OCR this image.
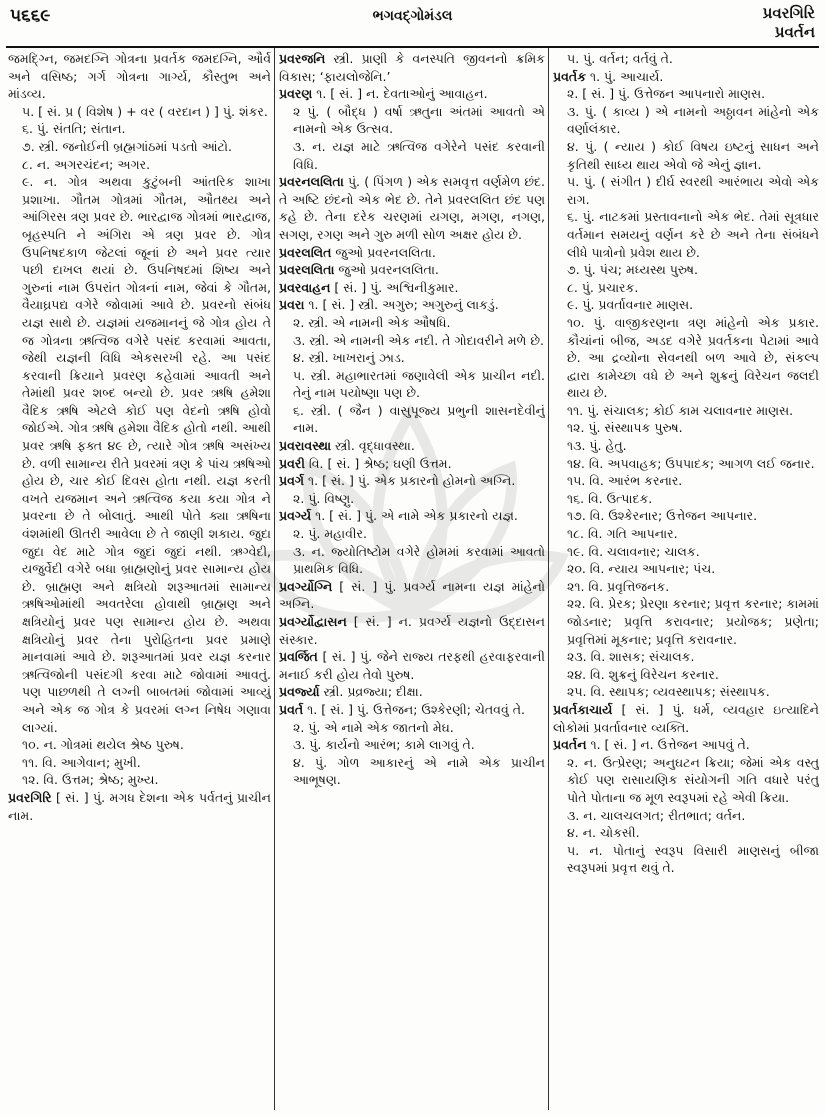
૫૬૬૯	ભગવદ્ગોમંડલ	પ્રવરગિરિ
પ્રવર્તન

જમદ્ગ્નિ, જમદગ્નિ ગોત્રના પ્રવર્તક જમદગ્નિ, ઔર્વ અને વસિષ્ઠ; ગર્ગ ગોત્રના ગાર્ગ્ય, કૌસ્તુભ અને માંડવ્ય.

૫. [ સં. પ્ર ( વિશેષ ) + વર ( વરદાન ) ] પું. શંકર.

૬. પું. સંતતિ; સંતાન.

૭. સ્ત્રી. જનોઈની બ્રહ્મગાંઠમાં પડતો આંટો.

૮. ન. અગરચંદન; અગર.

૯. ન. ગોત્ર અથવા કુટુંબની આંતરિક શાખા પ્રશાખા. ગૌતમ ગોત્રમાં ગૌતમ, ઔતથ્ય અને આંગિરસ ત્રણ પ્રવર છે. ભારદ્વાજ ગોત્રમાં ભારદ્વાજ, બૃહસ્પતિ ને અંગિરા એ ત્રણ પ્રવર છે. ગોત્ર ઉપનિષદકાળ જેટલાં જૂનાં છે અને પ્રવર ત્યાર પછી દાખલ થયાં છે. ઉપનિષદમાં શિષ્ય અને ગુરુનાં નામ ઉપરાંત ગોત્રનાં નામ, જેવાં કે ગૌતમ, વૈયાઘ્રપદ્ય વગેરે જોવામાં આવે છે. પ્રવરનો સંબંધ યજ્ઞ સાથે છે. યજ્ઞમાં યજમાનનું જે ગોત્ર હોય તે જ ગોત્રના ઋત્વિજ વગેરે પસંદ કરવામાં આવતા, જેથી યજ્ઞની વિધિ એકસરખી રહે. આ પસંદ કરવાની ક્રિયાને પ્રવરણ કહેવામાં આવતી અને તેમાંથી પ્રવર શબ્દ બન્યો છે. પ્રવર ઋષિ હમેશા વૈદિક ઋષિ એટલે કોઈ પણ વેદનો ઋષિ હોવો જોઈએ. ગોત્ર ઋષિ હમેશા વૈદિક હોતો નથી. આથી પ્રવર ઋષિ ફક્ત ૪૯ છે, ત્યારે ગોત્ર ઋષિ અસંખ્ય છે. વળી સામાન્ય રીતે પ્રવરમાં ત્રણ કે પાંચ ઋષિઓ હોય છે, ચાર કોઈ દિવસ હોતા નથી. યજ્ઞ કરતી વખતે યજમાન અને ઋત્વિજ કયા કયા ગોત્ર ને પ્રવરના છે તે બોલાતું. આથી પોતે ક્યા ઋષિના વંશમાંથી ઊતરી આવેલા છે તે જાણી શકાય. જુદા જુદા વેદ માટે ગોત્ર જુદાં જુદાં નથી. ઋગ્વેદી, યજુર્વેદી વગેરે બધા બ્રાહ્મણોનું પ્રવર સામાન્ય હોય છે. બ્રાહ્મણ અને ક્ષત્રિયો શરૂઆતમાં સામાન્ય ઋષિઓમાંથી અવતરેલા હોવાથી બ્રાહ્મણ અને ક્ષત્રિયોનું પ્રવર પણ સામાન્ય હોય છે. અથવા ક્ષત્રિયોનું પ્રવર તેના પુરોહિતના પ્રવર પ્રમાણે માનવામાં આવે છે. શરૂઆતમાં પ્રવર યજ્ઞ કરનાર ઋત્વિજોની પસંદગી કરવા માટે જોવામાં આવતું. પણ પાછળથી તે લગ્ની બાબતમાં જોવામાં આવ્યું અને એક જ ગોત્ર કે પ્રવરમાં લગ્ન નિષેધ ગણાવા લાગ્યાં.

૧૦. ન. ગોત્રમાં થયેલ શ્રેષ્ઠ પુરુષ.

૧૧. વિ. આગેવાન; મુખી.

૧૨. વિ. ઉત્તમ; શ્રેષ્ઠ; મુખ્ય.

પ્રવરગિરિ [ સં. ] પું. મગધ દેશના એક પર્વતનું પ્રાચીન નામ.

પ્રવરજનિ સ્ત્રી. પ્રાણી કે વનસ્પતિ જીવનનો ક્રમિક વિકાસ; ‘ફાયલોજેનિ.’

પ્રવરણ ૧. [ સં. ] ન. દેવતાઓનું આવાહન.

૨ પું. ( બૌદ્ધ ) વર્ષા ઋતુના અંતમાં આવતો એ નામનો એક ઉત્સવ.

૩. ન. યજ્ઞ માટે ઋત્વિજ વગેરેને પસંદ કરવાની વિધિ.

પ્રવરનલલિતા પું. ( પિંગળ ) એક સમવૃત્ત વર્ણમેળ છંદ. તે અષ્ટિ છંદનો એક ભેદ છે. તેને પ્રવરલલિત છંદ પણ કહે છે. તેના દરેક ચરણમાં યગણ, મગણ, નગણ, સગણ, રગણ અને ગુરુ મળી સોળ અક્ષર હોય છે.

પ્રવરલલિત જુઓ પ્રવરનલલિતા.

પ્રવરલલિતા જુઓ પ્રવરનલલિતા.

પ્રવરવાહન [ સં. ] પું. અશ્વિનીકુમાર.

પ્રવરા ૧. [ સં. ] સ્ત્રી. અગુરુ; અગુરુનું લાકડું.

૨. સ્ત્રી. એ નામની એક ઔષધિ.

૩. સ્ત્રી. એ નામની એક નદી. તે ગોદાવરીને મળે છે.

૪. સ્ત્રી. ખાખરાનું ઝાડ.

૫. સ્ત્રી. મહાભારતમાં જણાવેલી એક પ્રાચીન નદી. તેનું નામ પયોષ્ણા પણ છે.

૬. સ્ત્રી. ( જૈન ) વાસુપૂજ્ય પ્રભુની શાસનદેવીનું નામ.

પ્રવરાવસ્થા સ્ત્રી. વૃદ્ધાવસ્થા.

પ્રવરી વિ. [ સં. ] શ્રેષ્ઠ; ઘણી ઉત્તમ.

પ્રવર્ગ ૧. [ સં. ] પું. એક પ્રકારનો હોમનો અગ્નિ.

૨. પું. વિષ્ણુ.

પ્રવર્ગ્ય ૧. [ સં. ] પું. એ નામે એક પ્રકારનો યજ્ઞ.

૨. પું. મહાવીર.

૩. ન. જ્યોતિષ્ટોમ વગેરે હોમમાં કરવામાં આવતો પ્રાથમિક વિધિ.

પ્રવર્ગ્યોગ્નિ [ સં. ] પું. પ્રવર્ગ્ય નામના યજ્ઞ માંહેનો અગ્નિ.

પ્રવર્ગ્યોદ્વાસન [ સં. ] ન. પ્રવર્ગ્ય યજ્ઞનો ઉદ્દાસન સંસ્કાર.

પ્રવર્જિત [ સં. ] પું. જેને રાજ્ય તરફથી હરવાફરવાની મનાઈ કરી હોય તેવો પુરુષ.

પ્રવર્જ્યા સ્ત્રી. પ્રવ્રજ્યા; દીક્ષા.

પ્રવર્ત ૧. [ સં. ] પું. ઉત્તેજન; ઉશ્કેરણી; ચેતવવું તે.

૨. પું. એ નામે એક જાતનો મેઘ.

૩. પું. કાર્યનો આરંભ; કામે લાગવું તે.

૪. પું. ગોળ આકારનું એ નામે એક પ્રાચીન આભૂષણ.

૫. પું. વર્તન; વર્તવું તે.

પ્રવર્તક ૧. પું. આચાર્ય.

૨. [ સં. ] પું. ઉત્તેજન આપનારો માણસ.

૩. પું. ( કાવ્ય ) એ નામનો અઠ્ઠાવન માંહેનો એક વર્ણાલંકાર.

૪. પું. ( ન્યાય ) કોઈ વિષય ઇષ્ટનું સાધન અને કૃતિથી સાધ્ય થાય એવો જે એનું જ્ઞાન.

૫. પું. ( સંગીત ) દીર્ઘ સ્વરથી આરંભાય એવો એક રાગ.

૬. પું. નાટકમાં પ્રસ્તાવનાનો એક ભેદ. તેમાં સૂત્રધાર વર્તમાન સમયનું વર્ણન કરે છે અને તેના સંબંધને લીધે પાત્રોનો પ્રવેશ થાય છે.

૭. પું. પંચ; મધ્યસ્થ પુરુષ.

૮. પું. પ્રચારક.

૯. પું. પ્રવર્તાવનાર માણસ.

૧૦. પું. વાજીકરણના ત્રણ માંહેનો એક પ્રકાર. કૌચાંનાં બીજ, અડદ વગેરે પ્રવર્તકના પેટામાં આવે છે. આ દ્રવ્યોના સેવનથી બળ આવે છે, સંકલ્પ દ્વારા કામેચ્છા વધે છે અને શુક્રનું વિરેચન જલદી થાય છે.

૧૧. પું. સંચાલક; કોઈ કામ ચલાવનાર માણસ.

૧૨. પું. સંસ્થાપક પુરુષ.

૧૩. પું. હેતુ.

૧૪. વિ. અપવાહક; ઉપપાદક; આગળ લઈ જનાર.

૧૫. વિ. આરંભ કરનાર.

૧૬. વિ. ઉત્પાદક.

૧૭. વિ. ઉશ્કેરનાર; ઉત્તેજન આપનાર.

૧૮. વિ. ગતિ આપનાર.

૧૯. વિ. ચલાવનાર; ચાલક.

૨૦. વિ. ન્યાય આપનાર; પંચ.

૨૧. વિ. પ્રવૃત્તિજનક.

૨૨. વિ. પ્રેરક; પ્રેરણા કરનાર; પ્રવૃત્ત કરનાર; કામમાં જોડનાર; પ્રવૃત્તિ કરાવનાર; પ્રયોજક; પ્રણેતા; પ્રવૃત્તિમાં મૂકનાર; પ્રવૃત્તિ કરાવનાર.

૨૩. વિ. શાસક; સંચાલક.

૨૪. વિ. શુક્રનું વિરેચન કરનાર.

૨૫. વિ. સ્થાપક; વ્યવસ્થાપક; સંસ્થાપક.

પ્રવર્તકાચાર્ય [ સં. ] પું. ધર્મ, વ્યવહાર ઇત્યાદિને લોકોમાં પ્રવર્તાવનાર વ્યક્તિ.

પ્રવર્તન ૧. [ સં. ] ન. ઉત્તેજન આપવું તે.

૨. ન. ઉત્પ્રેરણ; અનુઘટન ક્રિયા; જેમાં એક વસ્તુ કોઈ પણ રાસાયણિક સંયોગની ગતિ વધારે પરંતુ પોતે પોતાના જ મૂળ સ્વરૂપમાં રહે એવી ક્રિયા.

૩. ન. ચાલચલગત; રીતભાત; વર્તન.

૪. ન. ચોકસી.

૫. ન. પોતાનું સ્વરૂપ વિસારી માણસનું બીજા સ્વરૂપમાં પ્રવૃત્ત થવું તે.
